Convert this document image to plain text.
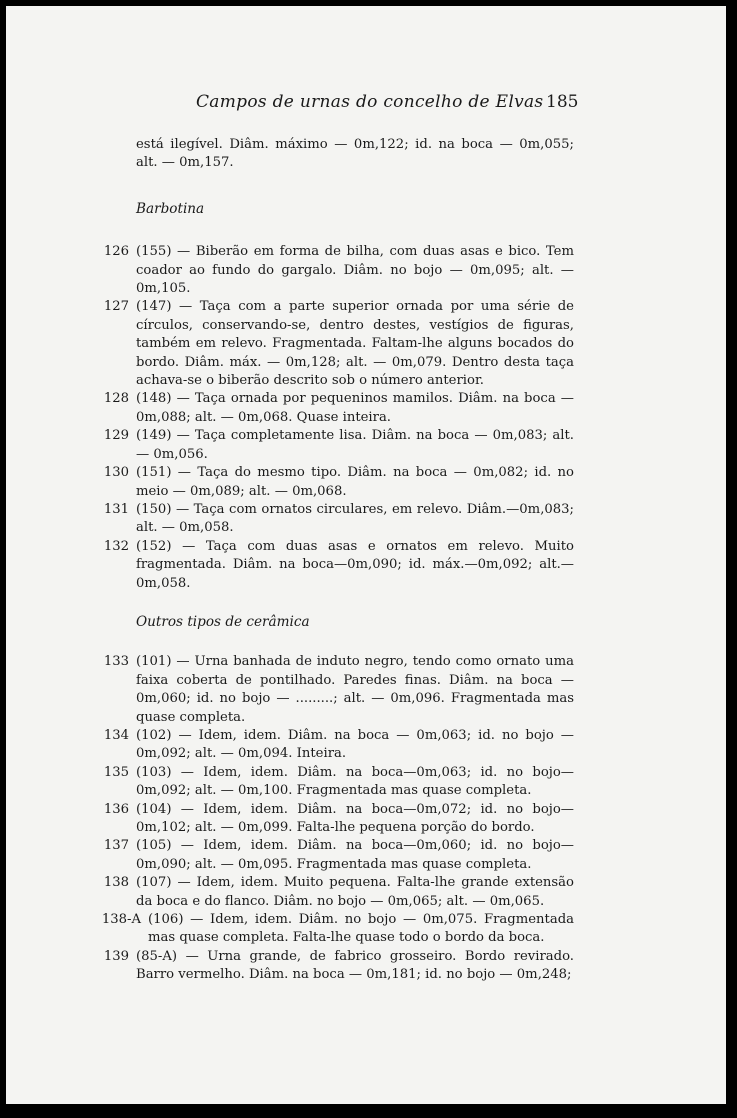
Campos de urnas do concelho de Elvas 185

está ilegível. Diâm. máximo — 0m,122; id. na boca — 0m,055; alt. — 0m,157.

Barbotina

126 (155) — Biberão em forma de bilha, com duas asas e bico. Tem coador ao fundo do gargalo. Diâm. no bojo — 0m,095; alt. — 0m,105.

127 (147) — Taça com a parte superior ornada por uma série de círculos, conservando-se, dentro destes, vestígios de figuras, também em relevo. Fragmentada. Faltam-lhe alguns bocados do bordo. Diâm. máx. — 0m,128; alt. — 0m,079. Dentro desta taça achava-se o biberão descrito sob o número anterior.

128 (148) — Taça ornada por pequeninos mamilos. Diâm. na boca — 0m,088; alt. — 0m,068. Quase inteira.

129 (149) — Taça completamente lisa. Diâm. na boca — 0m,083; alt. — 0m,056.

130 (151) — Taça do mesmo tipo. Diâm. na boca — 0m,082; id. no meio — 0m,089; alt. — 0m,068.

131 (150) — Taça com ornatos circulares, em relevo. Diâm.—0m,083; alt. — 0m,058.

132 (152) — Taça com duas asas e ornatos em relevo. Muito fragmentada. Diâm. na boca—0m,090; id. máx.—0m,092; alt.—0m,058.

Outros tipos de cerâmica

133 (101) — Urna banhada de induto negro, tendo como ornato uma faixa coberta de pontilhado. Paredes finas. Diâm. na boca — 0m,060; id. no bojo — .........; alt. — 0m,096. Fragmentada mas quase completa.

134 (102) — Idem, idem. Diâm. na boca — 0m,063; id. no bojo — 0m,092; alt. — 0m,094. Inteira.

135 (103) — Idem, idem. Diâm. na boca—0m,063; id. no bojo—0m,092; alt. — 0m,100. Fragmentada mas quase completa.

136 (104) — Idem, idem. Diâm. na boca—0m,072; id. no bojo—0m,102; alt. — 0m,099. Falta-lhe pequena porção do bordo.

137 (105) — Idem, idem. Diâm. na boca—0m,060; id. no bojo—0m,090; alt. — 0m,095. Fragmentada mas quase completa.

138 (107) — Idem, idem. Muito pequena. Falta-lhe grande extensão da boca e do flanco. Diâm. no bojo — 0m,065; alt. — 0m,065.

138-A (106) — Idem, idem. Diâm. no bojo — 0m,075. Fragmentada mas quase completa. Falta-lhe quase todo o bordo da boca.

139 (85-A) — Urna grande, de fabrico grosseiro. Bordo revirado. Barro vermelho. Diâm. na boca — 0m,181; id. no bojo — 0m,248;
